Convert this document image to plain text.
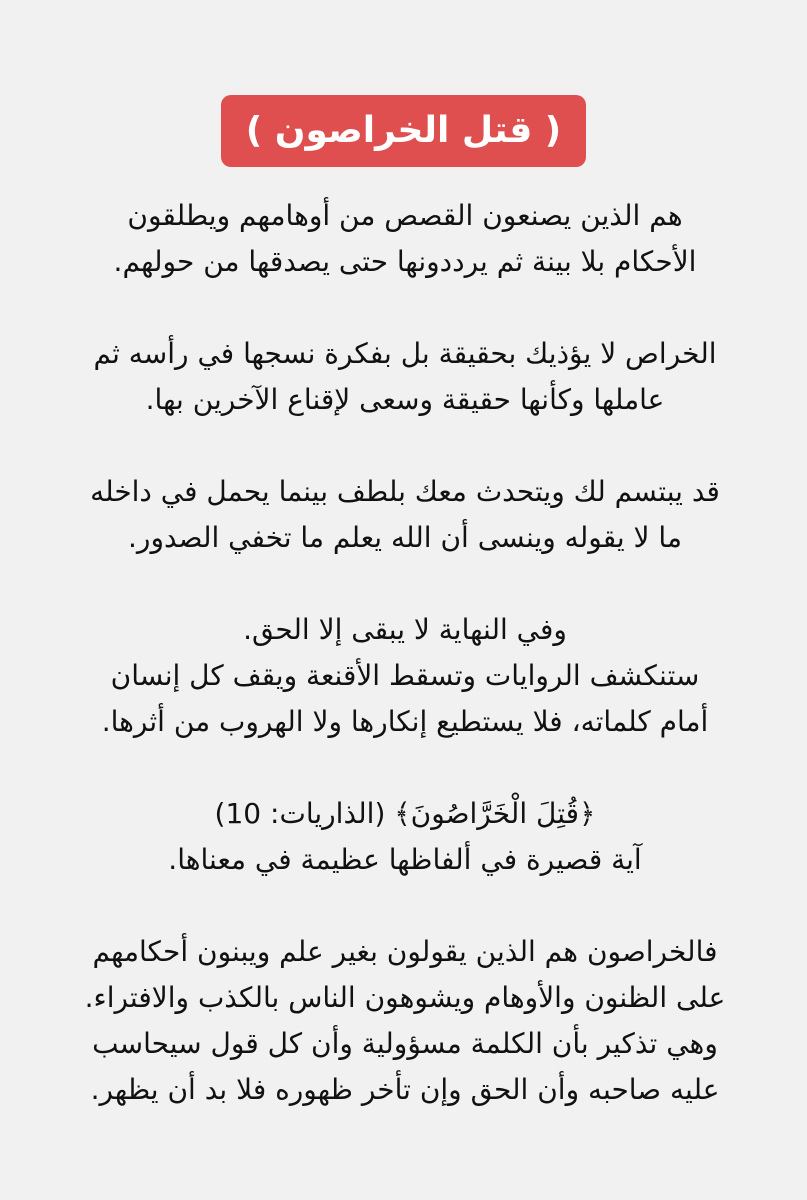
( قتل الخراصون )
هم الذين يصنعون القصص من أوهامهم ويطلقون
الأحكام بلا بينة ثم يرددونها حتى يصدقها من حولهم.
الخراص لا يؤذيك بحقيقة بل بفكرة نسجها في رأسه ثم
عاملها وكأنها حقيقة وسعى لإقناع الآخرين بها.
قد يبتسم لك ويتحدث معك بلطف بينما يحمل في داخله
ما لا يقوله وينسى أن الله يعلم ما تخفي الصدور.
وفي النهاية لا يبقى إلا الحق.
ستنكشف الروايات وتسقط الأقنعة ويقف كل إنسان
أمام كلماته، فلا يستطيع إنكارها ولا الهروب من أثرها.
﴿قُتِلَ الْخَرَّاصُونَ﴾ (الذاريات: 10)
آية قصيرة في ألفاظها عظيمة في معناها.
فالخراصون هم الذين يقولون بغير علم ويبنون أحكامهم
على الظنون والأوهام ويشوهون الناس بالكذب والافتراء.
وهي تذكير بأن الكلمة مسؤولية وأن كل قول سيحاسب
عليه صاحبه وأن الحق وإن تأخر ظهوره فلا بد أن يظهر.
